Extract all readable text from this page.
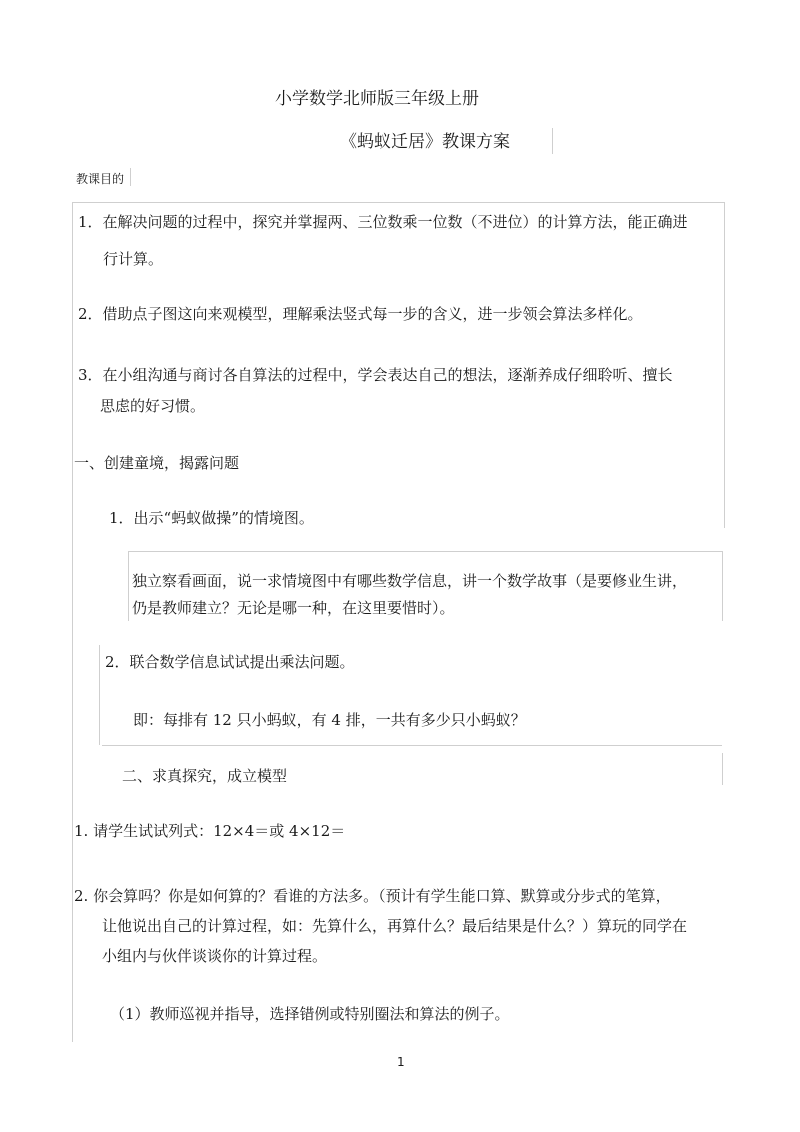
小学数学北师版三年级上册
《蚂蚁迁居》教课方案
教课目的
1．在解决问题的过程中，探究并掌握两、三位数乘一位数（不进位）的计算方法，能正确进
行计算。
2．借助点子图这向来观模型，理解乘法竖式每一步的含义，进一步领会算法多样化。
3．在小组沟通与商讨各自算法的过程中，学会表达自己的想法，逐渐养成仔细聆听、擅长
思虑的好习惯。
一、创建童境，揭露问题
1．出示“蚂蚁做操”的情境图。
独立察看画面，说一求情境图中有哪些数学信息，讲一个数学故事（是要修业生讲，
仍是教师建立？无论是哪一种，在这里要惜时）。
2．联合数学信息试试提出乘法问题。
即：每排有 12 只小蚂蚁，有 4 排，一共有多少只小蚂蚁？
二、求真探究，成立模型
1. 请学生试试列式：12×4＝或 4×12＝
2. 你会算吗？你是如何算的？看谁的方法多。（预计有学生能口算、默算或分步式的笔算，
让他说出自己的计算过程，如：先算什么，再算什么？最后结果是什么？）算玩的同学在
小组内与伙伴谈谈你的计算过程。
（1）教师巡视并指导，选择错例或特别圈法和算法的例子。
1
